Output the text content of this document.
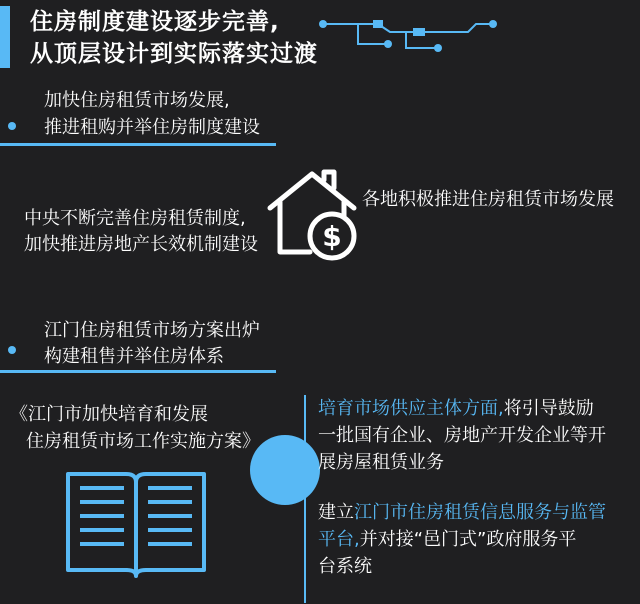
住房制度建设逐步完善,
从顶层设计到实际落实过渡
加快住房租赁市场发展,
推进租购并举住房制度建设
中央不断完善住房租赁制度,
加快推进房地产长效机制建设 $
各地积极推进住房租赁市场发展
江门住房租赁市场方案出炉
构建租售并举住房体系
《江门市加快培育和发展
住房租赁市场工作实施方案》
培育市场供应主体方面,将引导鼓励
一批国有企业、房地产开发企业等开
展房屋租赁业务
建立江门市住房租赁信息服务与监管
平台,并对接“邑门式”政府服务平
台系统
